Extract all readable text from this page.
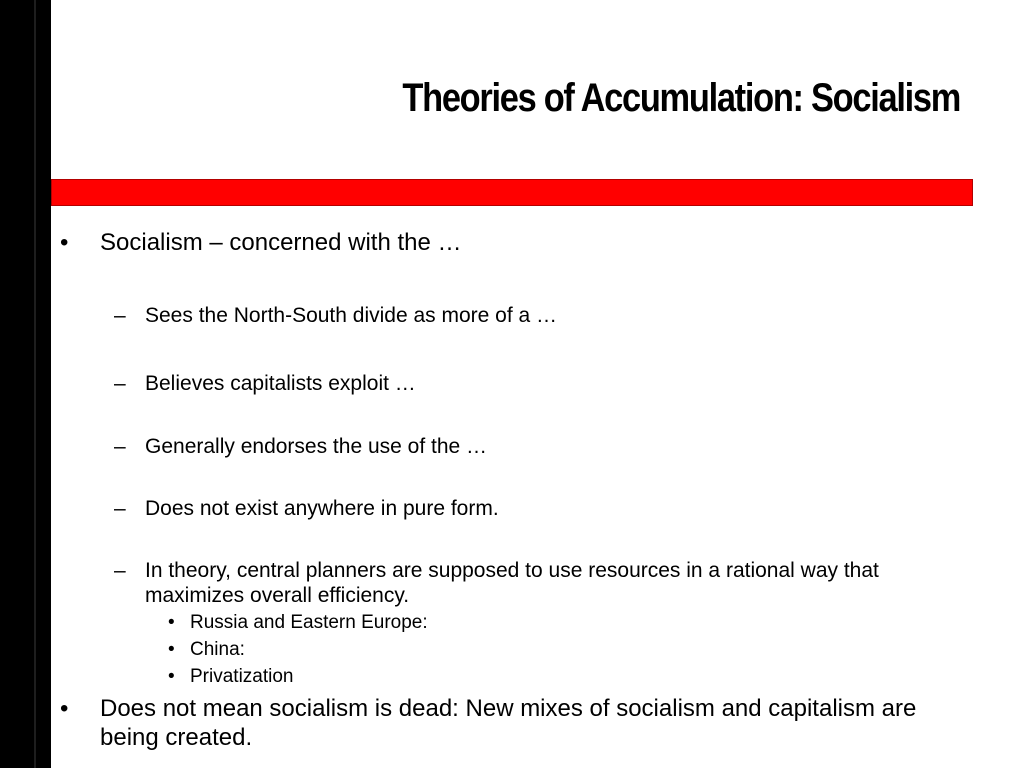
Theories of Accumulation: Socialism
• Socialism – concerned with the …
– Sees the North-South divide as more of a …
– Believes capitalists exploit …
– Generally endorses the use of the …
– Does not exist anywhere in pure form.
– In theory, central planners are supposed to use resources in a rational way that maximizes overall efficiency.
• Russia and Eastern Europe:
• China:
• Privatization
• Does not mean socialism is dead: New mixes of socialism and capitalism are being created.
